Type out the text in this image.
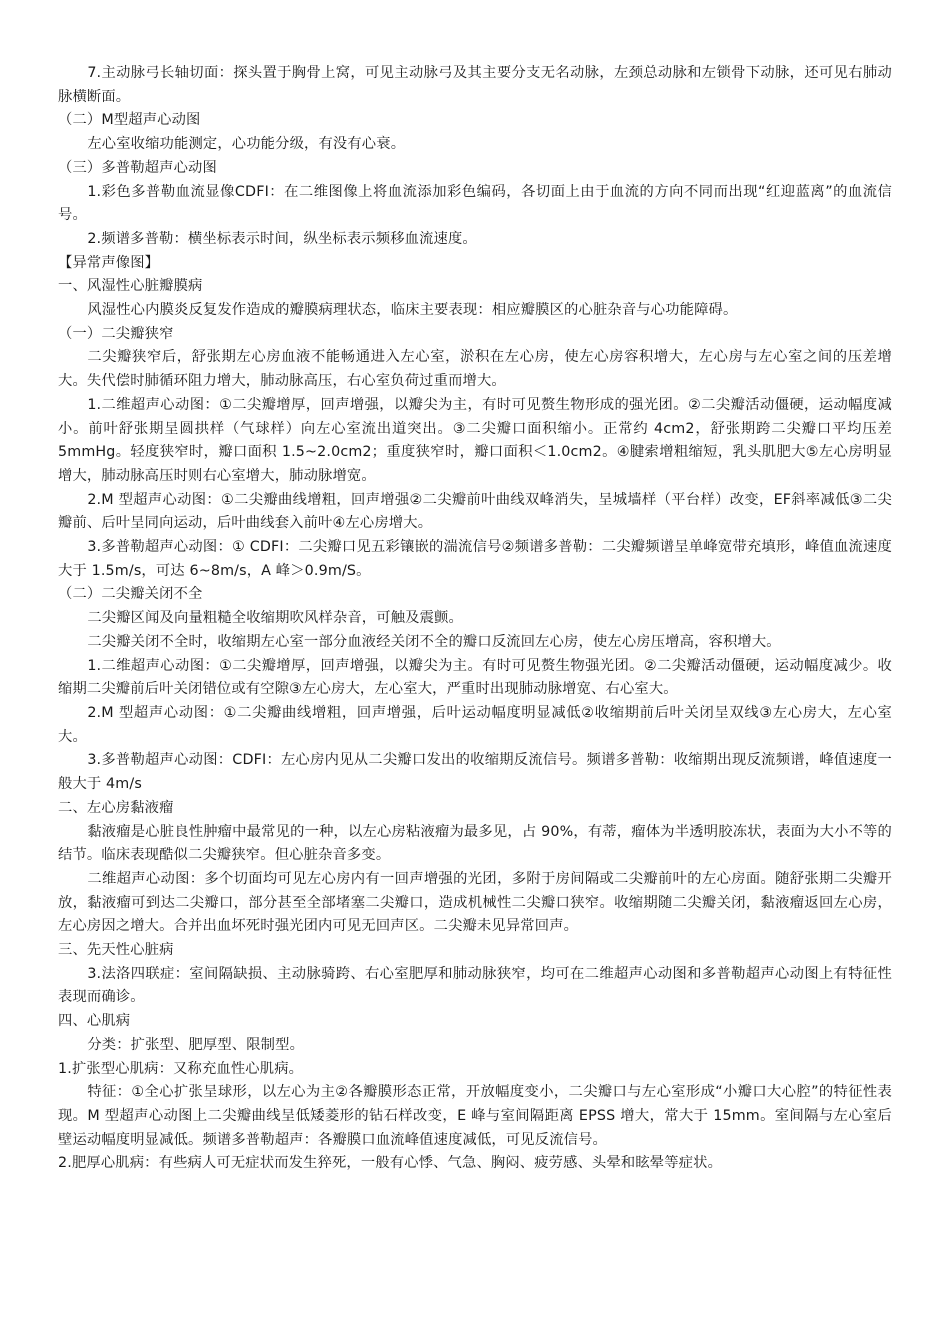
7.主动脉弓长轴切面：探头置于胸骨上窝，可见主动脉弓及其主要分支无名动脉，左颈总动脉和左锁骨下动脉，还可见右肺动脉横断面。

（二）M型超声心动图

左心室收缩功能测定，心功能分级，有没有心衰。

（三）多普勒超声心动图

1.彩色多普勒血流显像CDFI：在二维图像上将血流添加彩色编码，各切面上由于血流的方向不同而出现“红迎蓝离”的血流信号。

2.频谱多普勒：横坐标表示时间，纵坐标表示频移血流速度。

【异常声像图】

一、风湿性心脏瓣膜病

风湿性心内膜炎反复发作造成的瓣膜病理状态，临床主要表现：相应瓣膜区的心脏杂音与心功能障碍。

（一）二尖瓣狭窄

二尖瓣狭窄后，舒张期左心房血液不能畅通进入左心室，淤积在左心房，使左心房容积增大，左心房与左心室之间的压差增大。失代偿时肺循环阻力增大，肺动脉高压，右心室负荷过重而增大。

1.二维超声心动图：①二尖瓣增厚，回声增强，以瓣尖为主，有时可见赘生物形成的强光团。②二尖瓣活动僵硬，运动幅度减小。前叶舒张期呈圆拱样（气球样）向左心室流出道突出。③二尖瓣口面积缩小。正常约 4cm2，舒张期跨二尖瓣口平均压差 5mmHg。轻度狭窄时，瓣口面积 1.5~2.0cm2；重度狭窄时，瓣口面积＜1.0cm2。④腱索增粗缩短，乳头肌肥大⑤左心房明显增大，肺动脉高压时则右心室增大，肺动脉增宽。

2.M 型超声心动图：①二尖瓣曲线增粗，回声增强②二尖瓣前叶曲线双峰消失，呈城墙样（平台样）改变，EF斜率减低③二尖瓣前、后叶呈同向运动，后叶曲线套入前叶④左心房增大。

3.多普勒超声心动图：① CDFI：二尖瓣口见五彩镶嵌的湍流信号②频谱多普勒：二尖瓣频谱呈单峰宽带充填形，峰值血流速度大于 1.5m/s，可达 6~8m/s，A 峰＞0.9m/S。

（二）二尖瓣关闭不全

二尖瓣区闻及向量粗糙全收缩期吹风样杂音，可触及震颤。

二尖瓣关闭不全时，收缩期左心室一部分血液经关闭不全的瓣口反流回左心房，使左心房压增高，容积增大。

1.二维超声心动图：①二尖瓣增厚，回声增强，以瓣尖为主。有时可见赘生物强光团。②二尖瓣活动僵硬，运动幅度减少。收缩期二尖瓣前后叶关闭错位或有空隙③左心房大，左心室大，严重时出现肺动脉增宽、右心室大。

2.M 型超声心动图：①二尖瓣曲线增粗，回声增强，后叶运动幅度明显减低②收缩期前后叶关闭呈双线③左心房大，左心室大。

3.多普勒超声心动图：CDFI：左心房内见从二尖瓣口发出的收缩期反流信号。频谱多普勒：收缩期出现反流频谱，峰值速度一般大于 4m/s

二、左心房黏液瘤

黏液瘤是心脏良性肿瘤中最常见的一种，以左心房粘液瘤为最多见，占 90%，有蒂，瘤体为半透明胶冻状，表面为大小不等的结节。临床表现酷似二尖瓣狭窄。但心脏杂音多变。

二维超声心动图：多个切面均可见左心房内有一回声增强的光团，多附于房间隔或二尖瓣前叶的左心房面。随舒张期二尖瓣开放，黏液瘤可到达二尖瓣口，部分甚至全部堵塞二尖瓣口，造成机械性二尖瓣口狭窄。收缩期随二尖瓣关闭，黏液瘤返回左心房，左心房因之增大。合并出血坏死时强光团内可见无回声区。二尖瓣未见异常回声。

三、先天性心脏病

3.法洛四联症：室间隔缺损、主动脉骑跨、右心室肥厚和肺动脉狭窄，均可在二维超声心动图和多普勒超声心动图上有特征性表现而确诊。

四、心肌病

分类：扩张型、肥厚型、限制型。

1.扩张型心肌病：又称充血性心肌病。

特征：①全心扩张呈球形，以左心为主②各瓣膜形态正常，开放幅度变小，二尖瓣口与左心室形成“小瓣口大心腔”的特征性表现。M 型超声心动图上二尖瓣曲线呈低矮菱形的钻石样改变，E 峰与室间隔距离 EPSS 增大，常大于 15mm。室间隔与左心室后壁运动幅度明显减低。频谱多普勒超声：各瓣膜口血流峰值速度减低，可见反流信号。

2.肥厚心肌病：有些病人可无症状而发生猝死，一般有心悸、气急、胸闷、疲劳感、头晕和眩晕等症状。
